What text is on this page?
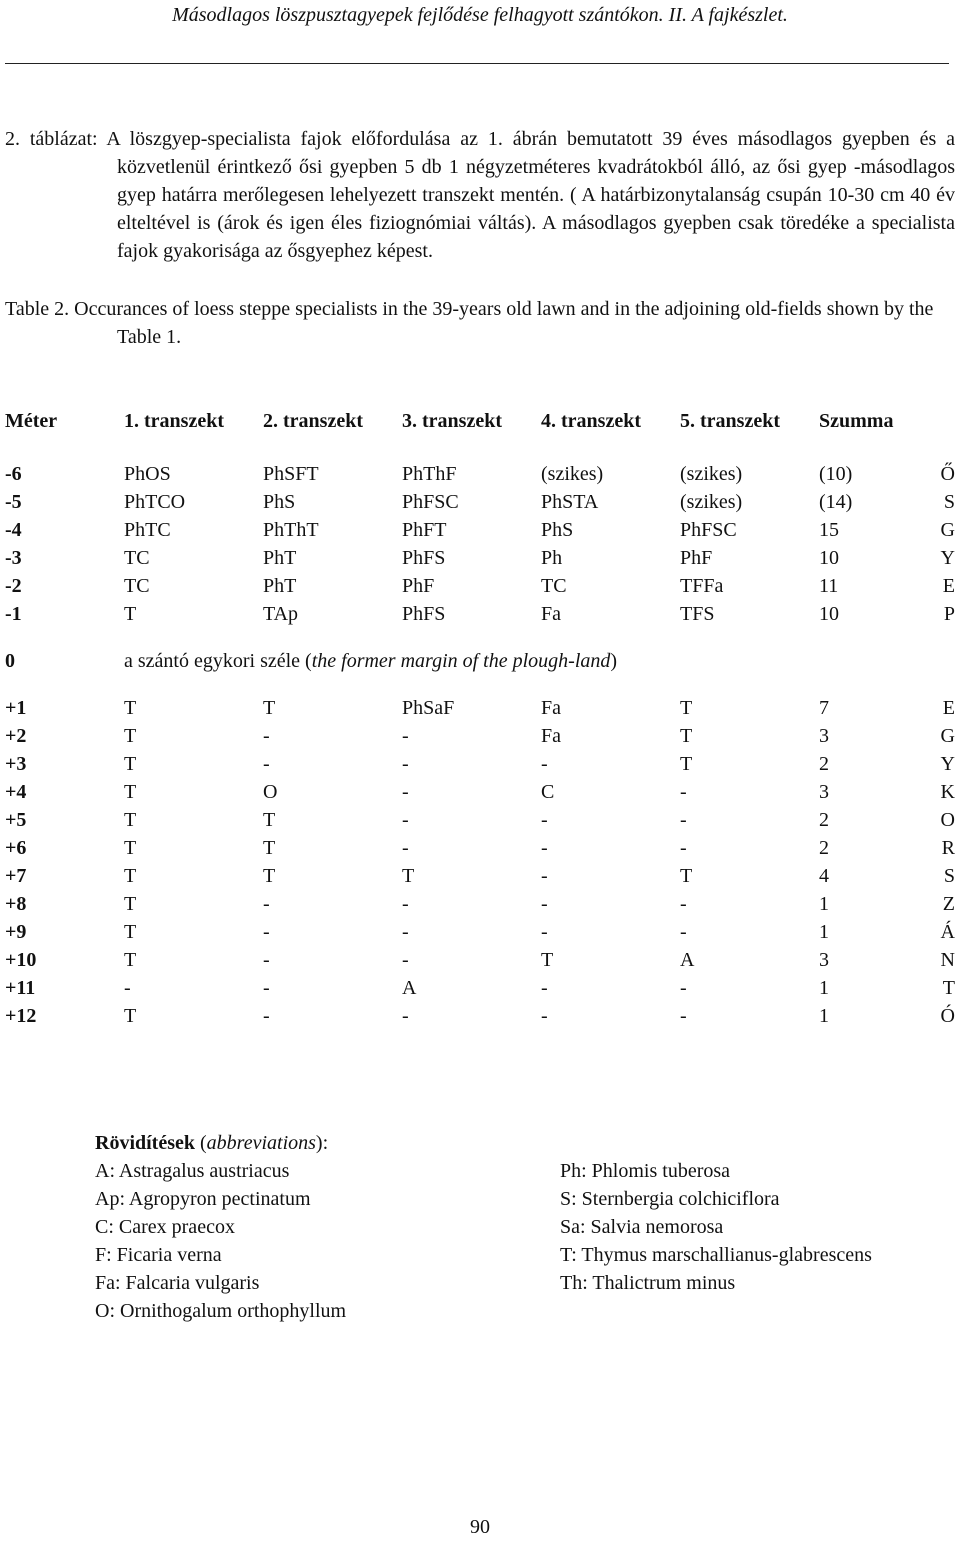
Másodlagos löszpusztagyepek fejlődése felhagyott szántókon. II. A fajkészlet.

2. táblázat: A löszgyep-specialista fajok előfordulása az 1. ábrán bemutatott 39 éves másodlagos gyepben és a közvetlenül érintkező ősi gyepben 5 db 1 négyzetméteres kvadrátokból álló, az ősi gyep -másodlagos gyep határra merőlegesen lehelyezett transzekt mentén. ( A határbizonytalanság csupán 10-30 cm 40 év elteltével is (árok és igen éles fiziognómiai váltás). A másodlagos gyepben csak töredéke a specialista fajok gyakorisága az ősgyephez képest.

Table 2. Occurances of loess steppe specialists in the 39-years old lawn and in the adjoining old-fields shown by the Table 1.

Méter	1. transzekt	2. transzekt	3. transzekt	4. transzekt	5. transzekt	Szumma	

-6	PhOS	PhSFT	PhThF	(szikes)	(szikes)	(10)	Ő
-5	PhTCO	PhS	PhFSC	PhSTA	(szikes)	(14)	S
-4	PhTC	PhThT	PhFT	PhS	PhFSC	15	G
-3	TC	PhT	PhFS	Ph	PhF	10	Y
-2	TC	PhT	PhF	TC	TFFa	11	E
-1	T	TAp	PhFS	Fa	TFS	10	P

0	a szántó egykori széle (the former margin of the plough-land)						

+1	T	T	PhSaF	Fa	T	7	E
+2	T	-	-	Fa	T	3	G
+3	T	-	-	-	T	2	Y
+4	T	O	-	C	-	3	K
+5	T	T	-	-	-	2	O
+6	T	T	-	-	-	2	R
+7	T	T	T	-	T	4	S
+8	T	-	-	-	-	1	Z
+9	T	-	-	-	-	1	Á
+10	T	-	-	T	A	3	N
+11	-	-	A	-	-	1	T
+12	T	-	-	-	-	1	Ó
Rövidítések (abbreviations):
A: Astragalus austriacus
Ap: Agropyron pectinatum
C: Carex praecox
F: Ficaria verna
Fa: Falcaria vulgaris
O: Ornithogalum orthophyllum
Ph: Phlomis tuberosa
S: Sternbergia colchiciflora
Sa: Salvia nemorosa
T: Thymus marschallianus-glabrescens
Th: Thalictrum minus
90
